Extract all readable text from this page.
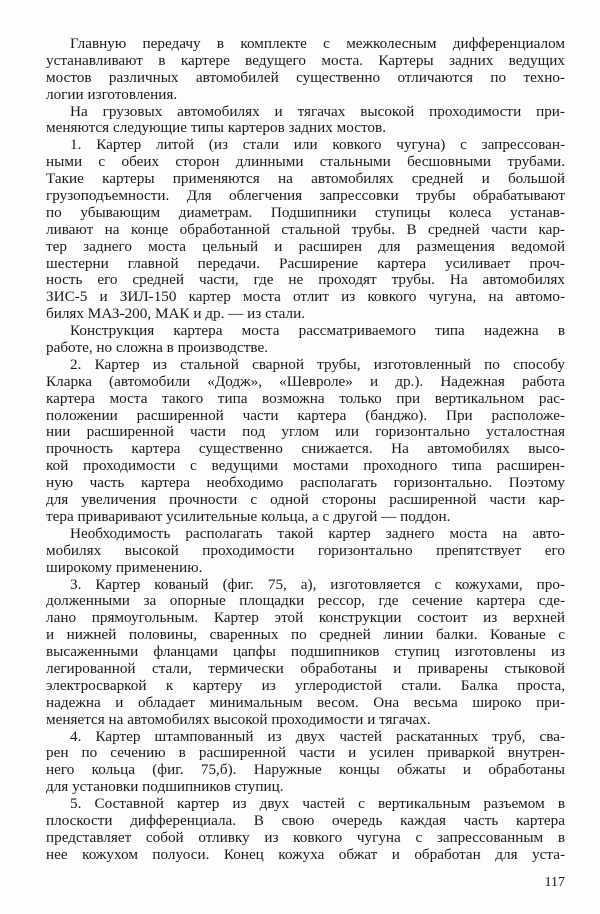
Главную передачу в комплекте с межколесным дифференциалом
устанавливают в картере ведущего моста. Картеры задних ведущих
мостов различных автомобилей существенно отличаются по техно-
логии изготовления.
На грузовых автомобилях и тягачах высокой проходимости при-
меняются следующие типы картеров задних мостов.
1. Картер литой (из стали или ковкого чугуна) с запрессован-
ными с обеих сторон длинными стальными бесшовными трубами.
Такие картеры применяются на автомобилях средней и большой
грузоподъемности. Для облегчения запрессовки трубы обрабатывают
по убывающим диаметрам. Подшипники ступицы колеса устанав-
ливают на конце обработанной стальной трубы. В средней части кар-
тер заднего моста цельный и расширен для размещения ведомой
шестерни главной передачи. Расширение картера усиливает проч-
ность его средней части, где не проходят трубы. На автомобилях
ЗИС-5 и ЗИЛ-150 картер моста отлит из ковкого чугуна, на автомо-
билях МАЗ-200, МАК и др. — из стали.
Конструкция картера моста рассматриваемого типа надежна в
работе, но сложна в производстве.
2. Картер из стальной сварной трубы, изготовленный по способу
Кларка (автомобили «Додж», «Шевроле» и др.). Надежная работа
картера моста такого типа возможна только при вертикальном рас-
положении расширенной части картера (банджо). При расположе-
нии расширенной части под углом или горизонтально усталостная
прочность картера существенно снижается. На автомобилях высо-
кой проходимости с ведущими мостами проходного типа расширен-
ную часть картера необходимо располагать горизонтально. Поэтому
для увеличения прочности с одной стороны расширенной части кар-
тера приваривают усилительные кольца, а с другой — поддон.
Необходимость располагать такой картер заднего моста на авто-
мобилях высокой проходимости горизонтально препятствует его
широкому применению.
3. Картер кованый (фиг. 75, а), изготовляется с кожухами, про-
долженными за опорные площадки рессор, где сечение картера сде-
лано прямоугольным. Картер этой конструкции состоит из верхней
и нижней половины, сваренных по средней линии балки. Кованые с
высаженными фланцами цапфы подшипников ступиц изготовлены из
легированной стали, термически обработаны и приварены стыковой
электросваркой к картеру из углеродистой стали. Балка проста,
надежна и обладает минимальным весом. Она весьма широко при-
меняется на автомобилях высокой проходимости и тягачах.
4. Картер штампованный из двух частей раскатанных труб, сва-
рен по сечению в расширенной части и усилен приваркой внутрен-
него кольца (фиг. 75,б). Наружные концы обжаты и обработаны
для установки подшипников ступиц.
5. Составной картер из двух частей с вертикальным разъемом в
плоскости дифференциала. В свою очередь каждая часть картера
представляет собой отливку из ковкого чугуна с запрессованным в
нее кожухом полуоси. Конец кожуха обжат и обработан для уста-
117
